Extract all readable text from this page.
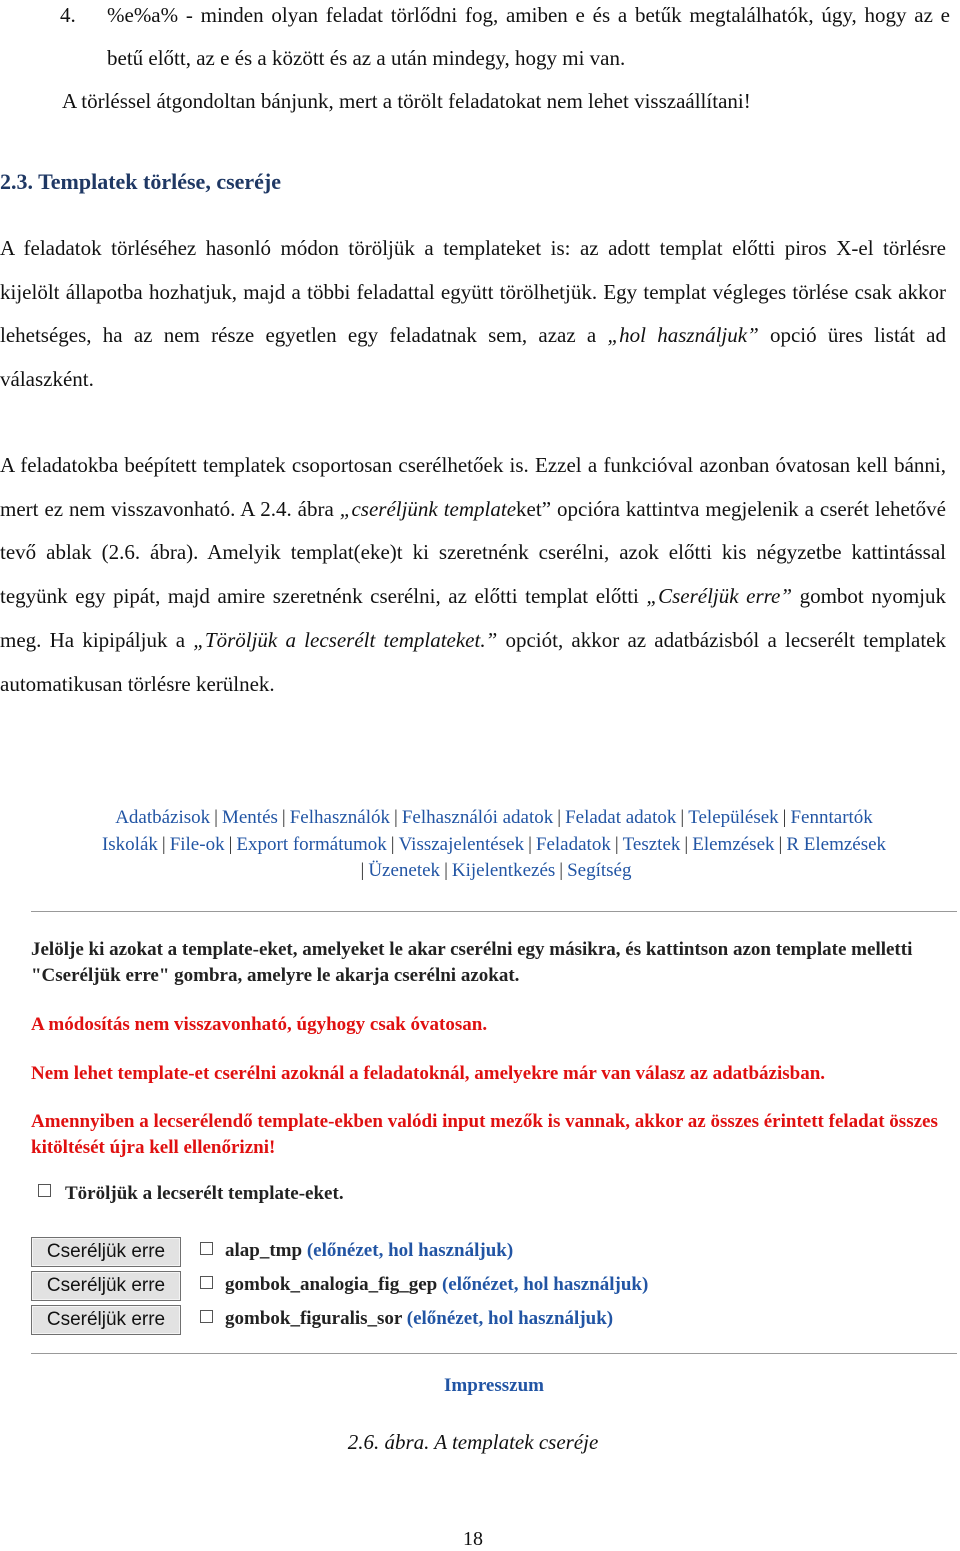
4.	%e%a% - minden olyan feladat törlődni fog, amiben e és a betűk megtalálhatók, úgy, hogy az e betű előtt, az e és a között és az a után mindegy, hogy mi van.
A törléssel átgondoltan bánjunk, mert a törölt feladatokat nem lehet visszaállítani!
2.3. Templatek törlése, cseréje

A feladatok törléséhez hasonló módon töröljük a templateket is: az adott templat előtti piros X-el törlésre kijelölt állapotba hozhatjuk, majd a többi feladattal együtt törölhetjük. Egy templat végleges törlése csak akkor lehetséges, ha az nem része egyetlen egy feladatnak sem, azaz a „hol használjuk” opció üres listát ad válaszként.

A feladatokba beépített templatek csoportosan cserélhetőek is. Ezzel a funkcióval azonban óvatosan kell bánni, mert ez nem visszavonható. A 2.4. ábra „cseréljünk templateket” opcióra kattintva megjelenik a cserét lehetővé tevő ablak (2.6. ábra). Amelyik templat(eke)t ki szeretnénk cserélni, azok előtti kis négyzetbe kattintással tegyünk egy pipát, majd amire szeretnénk cserélni, az előtti templat előtti „Cseréljük erre” gombot nyomjuk meg. Ha kipipáljuk a „Töröljük a lecserélt templateket.” opciót, akkor az adatbázisból a lecserélt templatek automatikusan törlésre kerülnek.

Adatbázisok | Mentés | Felhasználók | Felhasználói adatok | Feladat adatok | Települések | Fenntartók
Iskolák | File-ok | Export formátumok | Visszajelentések | Feladatok | Tesztek | Elemzések | R Elemzések
| Üzenetek | Kijelentkezés | Segítség
Jelölje ki azokat a template-eket, amelyeket le akar cserélni egy másikra, és kattintson azon template melletti "Cseréljük erre" gombra, amelyre le akarja cserélni azokat.
A módosítás nem visszavonható, úgyhogy csak óvatosan.
Nem lehet template-et cserélni azoknál a feladatoknál, amelyekre már van válasz az adatbázisban.
Amennyiben a lecserélendő template-ekben valódi input mezők is vannak, akkor az összes érintett feladat összes kitöltését újra kell ellenőrizni!
Töröljük a lecserélt template-eket.
Cseréljük erre	alap_tmp (előnézet, hol használjuk)
Cseréljük erre	gombok_analogia_fig_gep (előnézet, hol használjuk)
Cseréljük erre	gombok_figuralis_sor (előnézet, hol használjuk)
Impresszum
2.6. ábra. A templatek cseréje
18
